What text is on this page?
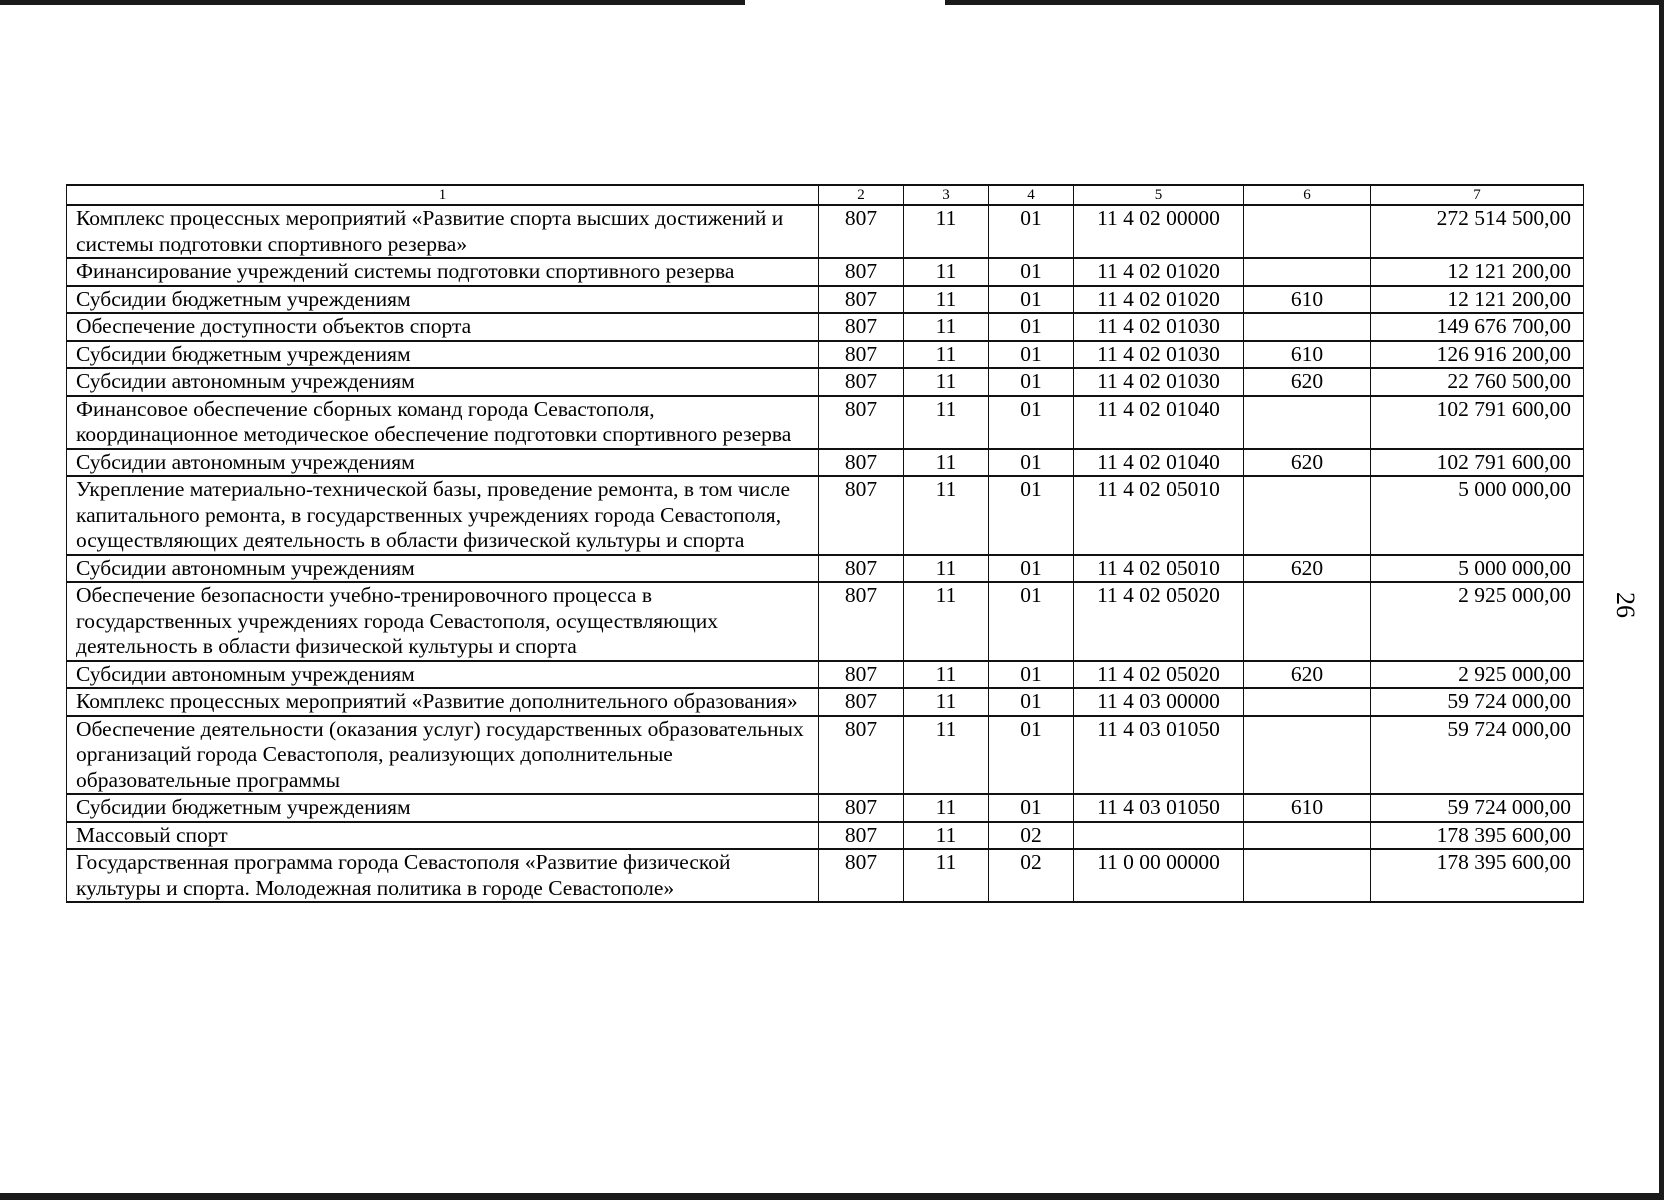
1	2	3	4	5	6	7
Комплекс процессных мероприятий «Развитие спорта высших достижений и системы подготовки спортивного резерва»	807	11	01	11 4 02 00000		272 514 500,00
Финансирование учреждений системы подготовки спортивного резерва	807	11	01	11 4 02 01020		12 121 200,00
Субсидии бюджетным учреждениям	807	11	01	11 4 02 01020	610	12 121 200,00
Обеспечение доступности объектов спорта	807	11	01	11 4 02 01030		149 676 700,00
Субсидии бюджетным учреждениям	807	11	01	11 4 02 01030	610	126 916 200,00
Субсидии автономным учреждениям	807	11	01	11 4 02 01030	620	22 760 500,00
Финансовое обеспечение сборных команд города Севастополя, координационное методическое обеспечение подготовки спортивного резерва	807	11	01	11 4 02 01040		102 791 600,00
Субсидии автономным учреждениям	807	11	01	11 4 02 01040	620	102 791 600,00
Укрепление материально-технической базы, проведение ремонта, в том числе капитального ремонта, в государственных учреждениях города Севастополя, осуществляющих деятельность в области физической культуры и спорта	807	11	01	11 4 02 05010		5 000 000,00
Субсидии автономным учреждениям	807	11	01	11 4 02 05010	620	5 000 000,00
Обеспечение безопасности учебно-тренировочного процесса в государственных учреждениях города Севастополя, осуществляющих деятельность в области физической культуры и спорта	807	11	01	11 4 02 05020		2 925 000,00
Субсидии автономным учреждениям	807	11	01	11 4 02 05020	620	2 925 000,00
Комплекс процессных мероприятий «Развитие дополнительного образования»	807	11	01	11 4 03 00000		59 724 000,00
Обеспечение деятельности (оказания услуг) государственных образовательных организаций города Севастополя, реализующих дополнительные образовательные программы	807	11	01	11 4 03 01050		59 724 000,00
Субсидии бюджетным учреждениям	807	11	01	11 4 03 01050	610	59 724 000,00
Массовый спорт	807	11	02			178 395 600,00
Государственная программа города Севастополя «Развитие физической культуры и спорта. Молодежная политика в городе Севастополе»	807	11	02	11 0 00 00000		178 395 600,00
26
